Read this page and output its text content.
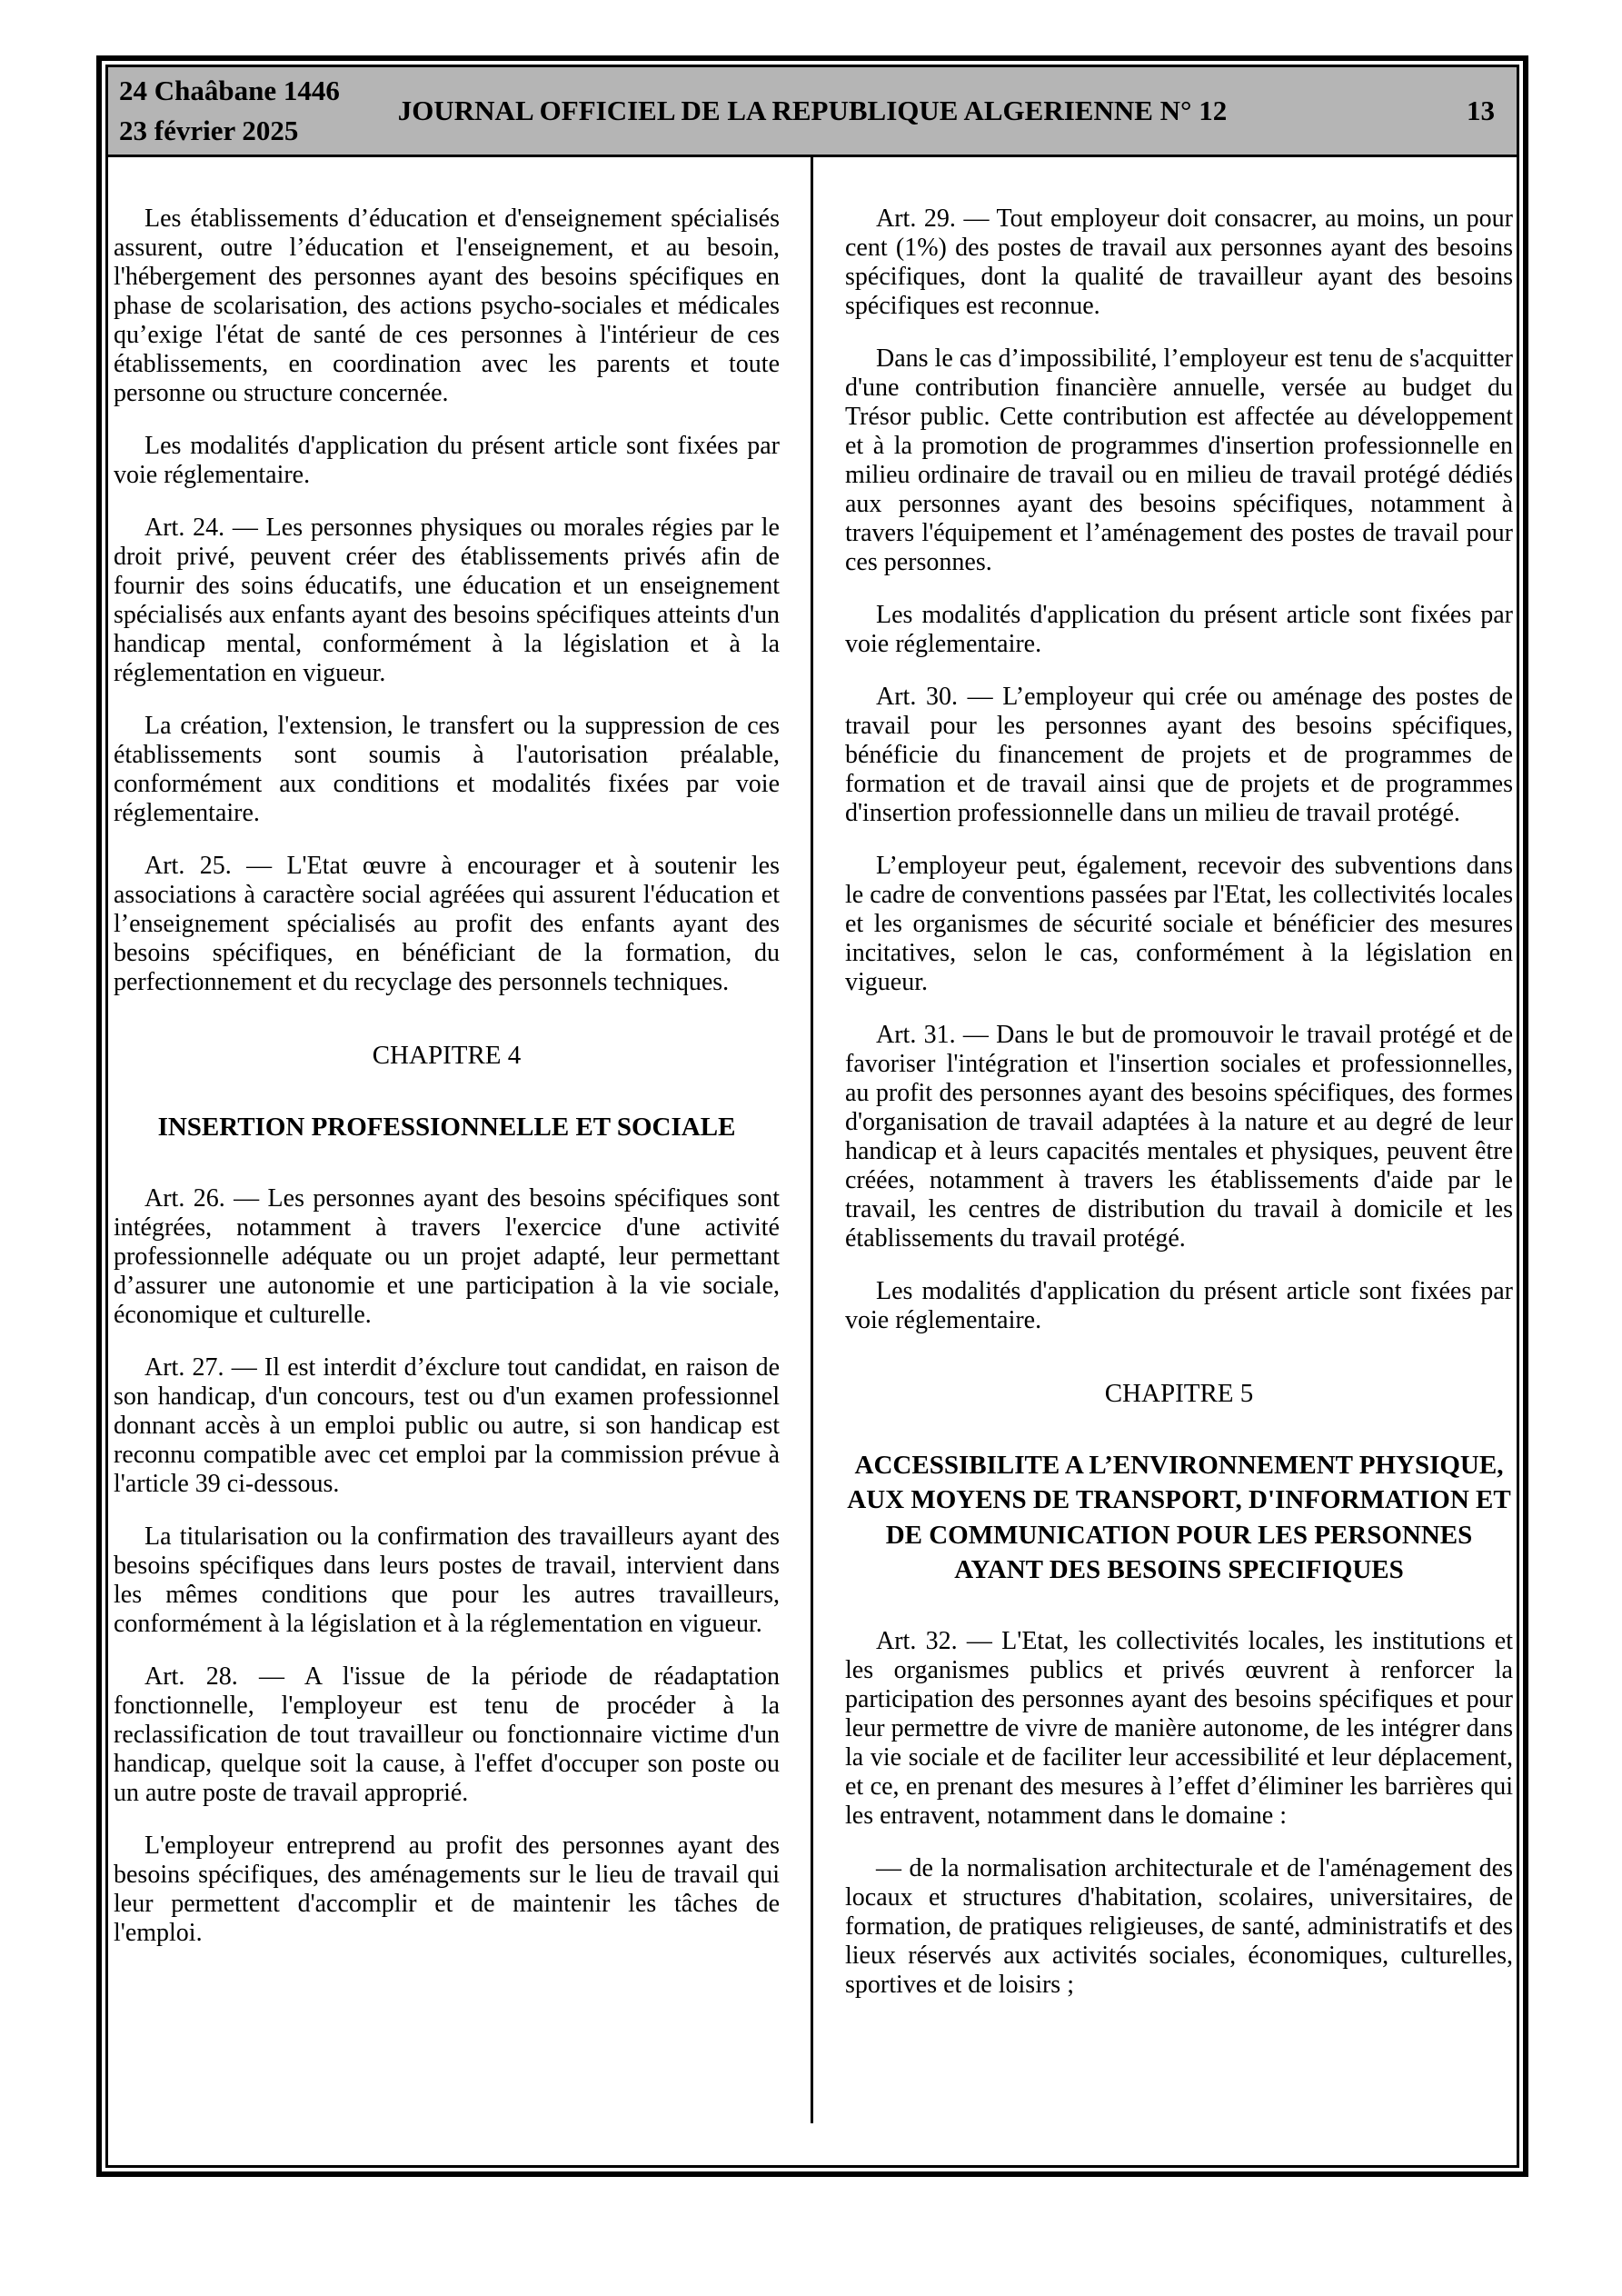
24 Chaâbane 1446
23 février 2025
JOURNAL OFFICIEL DE LA REPUBLIQUE ALGERIENNE N° 12	13

Les établissements d’éducation et d'enseignement spécialisés assurent, outre l’éducation et l'enseignement, et au besoin, l'hébergement des personnes ayant des besoins spécifiques en phase de scolarisation, des actions psycho-sociales et médicales qu’exige l'état de santé de ces personnes à l'intérieur de ces établissements, en coordination avec les parents et toute personne ou structure concernée.

Les modalités d'application du présent article sont fixées par voie réglementaire.

Art. 24. — Les personnes physiques ou morales régies par le droit privé, peuvent créer des établissements privés afin de fournir des soins éducatifs, une éducation et un enseignement spécialisés aux enfants ayant des besoins spécifiques atteints d'un handicap mental, conformément à la législation et à la réglementation en vigueur.

La création, l'extension, le transfert ou la suppression de ces établissements sont soumis à l'autorisation préalable, conformément aux conditions et modalités fixées par voie réglementaire.

Art. 25. — L'Etat œuvre à encourager et à soutenir les associations à caractère social agréées qui assurent l'éducation et l’enseignement spécialisés au profit des enfants ayant des besoins spécifiques, en bénéficiant de la formation, du perfectionnement et du recyclage des personnels techniques.

CHAPITRE 4
INSERTION PROFESSIONNELLE ET SOCIALE

Art. 26. — Les personnes ayant des besoins spécifiques sont intégrées, notamment à travers l'exercice d'une activité professionnelle adéquate ou un projet adapté, leur permettant d’assurer une autonomie et une participation à la vie sociale, économique et culturelle.

Art. 27. — Il est interdit d’éxclure tout candidat, en raison de son handicap, d'un concours, test ou d'un examen professionnel donnant accès à un emploi public ou autre, si son handicap est reconnu compatible avec cet emploi par la commission prévue à l'article 39 ci-dessous.

La titularisation ou la confirmation des travailleurs ayant des besoins spécifiques dans leurs postes de travail, intervient dans les mêmes conditions que pour les autres travailleurs, conformément à la législation et à la réglementation en vigueur.

Art. 28. — A l'issue de la période de réadaptation fonctionnelle, l'employeur est tenu de procéder à la reclassification de tout travailleur ou fonctionnaire victime d'un handicap, quelque soit la cause, à l'effet d'occuper son poste ou un autre poste de travail approprié.

L'employeur entreprend au profit des personnes ayant des besoins spécifiques, des aménagements sur le lieu de travail qui leur permettent d'accomplir et de maintenir les tâches de l'emploi.

Art. 29. — Tout employeur doit consacrer, au moins, un pour cent (1%) des postes de travail aux personnes ayant des besoins spécifiques, dont la qualité de travailleur ayant des besoins spécifiques est reconnue.

Dans le cas d’impossibilité, l’employeur est tenu de s'acquitter d'une contribution financière annuelle, versée au budget du Trésor public. Cette contribution est affectée au développement et à la promotion de programmes d'insertion professionnelle en milieu ordinaire de travail ou en milieu de travail protégé dédiés aux personnes ayant des besoins spécifiques, notamment à travers l'équipement et l’aménagement des postes de travail pour ces personnes.

Les modalités d'application du présent article sont fixées par voie réglementaire.

Art. 30. — L’employeur qui crée ou aménage des postes de travail pour les personnes ayant des besoins spécifiques, bénéficie du financement de projets et de programmes de formation et de travail ainsi que de projets et de programmes d'insertion professionnelle dans un milieu de travail protégé.

L’employeur peut, également, recevoir des subventions dans le cadre de conventions passées par l'Etat, les collectivités locales et les organismes de sécurité sociale et bénéficier des mesures incitatives, selon le cas, conformément à la législation en vigueur.

Art. 31. — Dans le but de promouvoir le travail protégé et de favoriser l'intégration et l'insertion sociales et professionnelles, au profit des personnes ayant des besoins spécifiques, des formes d'organisation de travail adaptées à la nature et au degré de leur handicap et à leurs capacités mentales et physiques, peuvent être créées, notamment à travers les établissements d'aide par le travail, les centres de distribution du travail à domicile et les établissements du travail protégé.

Les modalités d'application du présent article sont fixées par voie réglementaire.

CHAPITRE 5
ACCESSIBILITE A L’ENVIRONNEMENT PHYSIQUE, AUX MOYENS DE TRANSPORT, D'INFORMATION ET DE COMMUNICATION POUR LES PERSONNES AYANT DES BESOINS SPECIFIQUES

Art. 32. — L'Etat, les collectivités locales, les institutions et les organismes publics et privés œuvrent à renforcer la participation des personnes ayant des besoins spécifiques et pour leur permettre de vivre de manière autonome, de les intégrer dans la vie sociale et de faciliter leur accessibilité et leur déplacement, et ce, en prenant des mesures à l’effet d’éliminer les barrières qui les entravent, notamment dans le domaine :

— de la normalisation architecturale et de l'aménagement des locaux et structures d'habitation, scolaires, universitaires, de formation, de pratiques religieuses, de santé, administratifs et des lieux réservés aux activités sociales, économiques, culturelles, sportives et de loisirs ;
